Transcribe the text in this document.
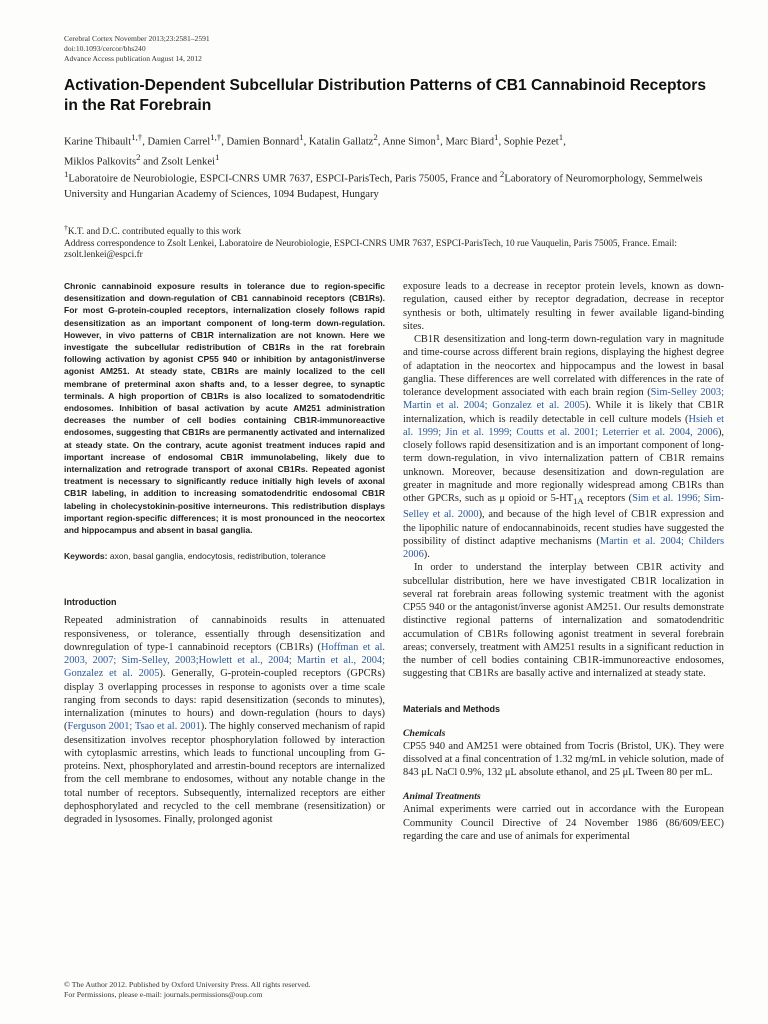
Cerebral Cortex November 2013;23:2581–2591
doi:10.1093/cercor/bhs240
Advance Access publication August 14, 2012
Activation-Dependent Subcellular Distribution Patterns of CB1 Cannabinoid Receptors in the Rat Forebrain
Karine Thibault$^{1,\dagger}$, Damien Carrel$^{1,\dagger}$, Damien Bonnard$^1$, Katalin Gallatz$^2$, Anne Simon$^1$, Marc Biard$^1$, Sophie Pezet$^1$,
Miklos Palkovits$^2$ and Zsolt Lenkei$^1$
$^1$Laboratoire de Neurobiologie, ESPCI-CNRS UMR 7637, ESPCI-ParisTech, Paris 75005, France and $^2$Laboratory of Neuromorphology, Semmelweis University and Hungarian Academy of Sciences, 1094 Budapest, Hungary
†K.T. and D.C. contributed equally to this work
Address correspondence to Zsolt Lenkei, Laboratoire de Neurobiologie, ESPCI-CNRS UMR 7637, ESPCI-ParisTech, 10 rue Vauquelin, Paris 75005, France. Email: zsolt.lenkei@espci.fr

Chronic cannabinoid exposure results in tolerance due to region-specific desensitization and down-regulation of CB1 cannabinoid receptors (CB1Rs). For most G-protein-coupled receptors, internalization closely follows rapid desensitization as an important component of long-term down-regulation. However, in vivo patterns of CB1R internalization are not known. Here we investigate the subcellular redistribution of CB1Rs in the rat forebrain following activation by agonist CP55 940 or inhibition by antagonist/inverse agonist AM251. At steady state, CB1Rs are mainly localized to the cell membrane of preterminal axon shafts and, to a lesser degree, to synaptic terminals. A high proportion of CB1Rs is also localized to somatodendritic endosomes. Inhibition of basal activation by acute AM251 administration decreases the number of cell bodies containing CB1R-immunoreactive endosomes, suggesting that CB1Rs are permanently activated and internalized at steady state. On the contrary, acute agonist treatment induces rapid and important increase of endosomal CB1R immunolabeling, likely due to internalization and retrograde transport of axonal CB1Rs. Repeated agonist treatment is necessary to significantly reduce initially high levels of axonal CB1R labeling, in addition to increasing somatodendritic endosomal CB1R labeling in cholecystokinin-positive interneurons. This redistribution displays important region-specific differences; it is most pronounced in the neocortex and hippocampus and absent in basal ganglia.

Keywords: axon, basal ganglia, endocytosis, redistribution, tolerance

Introduction

Repeated administration of cannabinoids results in attenuated responsiveness, or tolerance, essentially through desensitization and downregulation of type-1 cannabinoid receptors (CB1Rs) (Hoffman et al. 2003, 2007; Sim-Selley, 2003;Howlett et al., 2004; Martin et al., 2004; Gonzalez et al. 2005). Generally, G-protein-coupled receptors (GPCRs) display 3 overlapping processes in response to agonists over a time scale ranging from seconds to days: rapid desensitization (seconds to minutes), internalization (minutes to hours) and down-regulation (hours to days) (Ferguson 2001; Tsao et al. 2001). The highly conserved mechanism of rapid desensitization involves receptor phosphorylation followed by interaction with cytoplasmic arrestins, which leads to functional uncoupling from G-proteins. Next, phosphorylated and arrestin-bound receptors are internalized from the cell membrane to endosomes, without any notable change in the total number of receptors. Subsequently, internalized receptors are either dephosphorylated and recycled to the cell membrane (resensitization) or degraded in lysosomes. Finally, prolonged agonist

exposure leads to a decrease in receptor protein levels, known as down-regulation, caused either by receptor degradation, decrease in receptor synthesis or both, ultimately resulting in fewer available ligand-binding sites.

CB1R desensitization and long-term down-regulation vary in magnitude and time-course across different brain regions, displaying the highest degree of adaptation in the neocortex and hippocampus and the lowest in basal ganglia. These differences are well correlated with differences in the rate of tolerance development associated with each brain region (Sim-Selley 2003; Martin et al. 2004; Gonzalez et al. 2005). While it is likely that CB1R internalization, which is readily detectable in cell culture models (Hsieh et al. 1999; Jin et al. 1999; Coutts et al. 2001; Leterrier et al. 2004, 2006), closely follows rapid desensitization and is an important component of long-term down-regulation, in vivo internalization pattern of CB1R remains unknown. Moreover, because desensitization and down-regulation are greater in magnitude and more regionally widespread among CB1Rs than other GPCRs, such as μ opioid or $5-HT_{1A}$ receptors (Sim et al. 1996; Sim-Selley et al. 2000), and because of the high level of CB1R expression and the lipophilic nature of endocannabinoids, recent studies have suggested the possibility of distinct adaptive mechanisms (Martin et al. 2004; Childers 2006).

In order to understand the interplay between CB1R activity and subcellular distribution, here we have investigated CB1R localization in several rat forebrain areas following systemic treatment with the agonist CP55 940 or the antagonist/inverse agonist AM251. Our results demonstrate distinctive regional patterns of internalization and somatodendritic accumulation of CB1Rs following agonist treatment in several forebrain areas; conversely, treatment with AM251 results in a significant reduction in the number of cell bodies containing CB1R-immunoreactive endosomes, suggesting that CB1Rs are basally active and internalized at steady state.

Materials and Methods

Chemicals

CP55 940 and AM251 were obtained from Tocris (Bristol, UK). They were dissolved at a final concentration of 1.32 mg/mL in vehicle solution, made of 843 μL NaCl 0.9%, 132 μL absolute ethanol, and 25 μL Tween 80 per mL.

Animal Treatments

Animal experiments were carried out in accordance with the European Community Council Directive of 24 November 1986 (86/609/EEC) regarding the care and use of animals for experimental

© The Author 2012. Published by Oxford University Press. All rights reserved.
For Permissions, please e-mail: journals.permissions@oup.com
